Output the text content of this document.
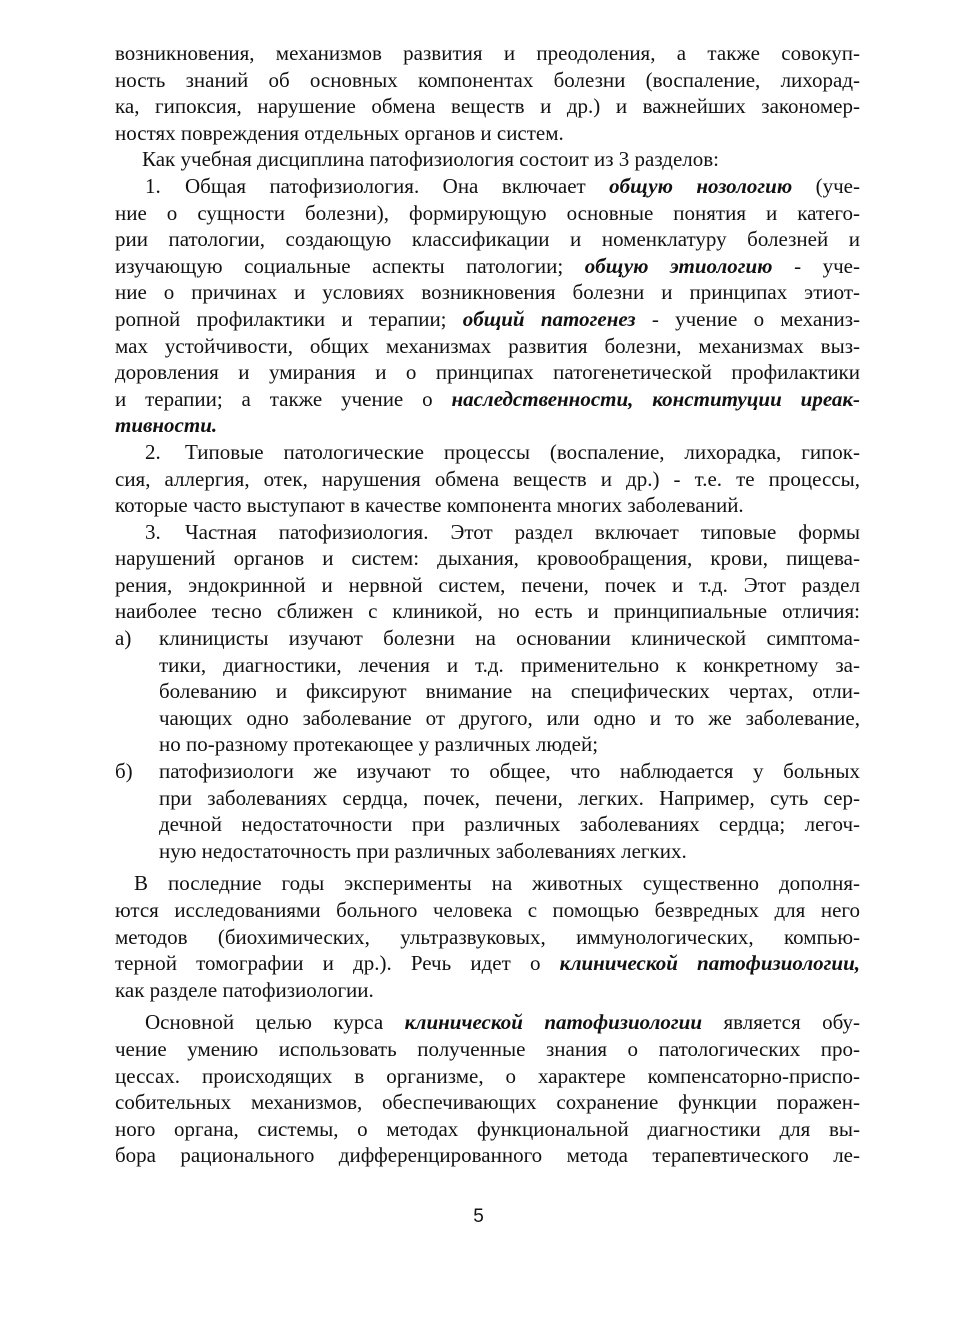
возникновения, механизмов развития и преодоления, а также совокуп-
ность знаний об основных компонентах болезни (воспаление, лихорад-
ка, гипоксия, нарушение обмена веществ и др.) и важнейших закономер-
ностях повреждения отдельных органов и систем.
Как учебная дисциплина патофизиология состоит из 3 разделов:
1. Общая патофизиология. Она включает общую нозологию (уче-
ние о сущности болезни), формирующую основные понятия и катего-
рии патологии, создающую классификации и номенклатуру болезней и
изучающую социальные аспекты патологии; общую этиологию - уче-
ние о причинах и условиях возникновения болезни и принципах этиот-
ропной профилактики и терапии; общий патогенез - учение о механиз-
мах устойчивости, общих механизмах развития болезни, механизмах выз-
доровления и умирания и о принципах патогенетической профилактики
и терапии; а также учение о наследственности, конституции иреак-
тивности.
2. Типовые патологические процессы (воспаление, лихорадка, гипок-
сия, аллергия, отек, нарушения обмена веществ и др.) - т.е. те процессы,
которые часто выступают в качестве компонента многих заболеваний.
3. Частная патофизиология. Этот раздел включает типовые формы
нарушений органов и систем: дыхания, кровообращения, крови, пищева-
рения, эндокринной и нервной систем, печени, почек и т.д. Этот раздел
наиболее тесно сближен с клиникой, но есть и принципиальные отличия:
а)	клиницисты изучают болезни на основании клинической симптома-
тики, диагностики, лечения и т.д. применительно к конкретному за-
болеванию и фиксируют внимание на специфических чертах, отли-
чающих одно заболевание от другого, или одно и то же заболевание,
но по-разному протекающее у различных людей;
б)	патофизиологи же изучают то общее, что наблюдается у больных
при заболеваниях сердца, почек, печени, легких. Например, суть сер-
дечной недостаточности при различных заболеваниях сердца; легоч-
ную недостаточность при различных заболеваниях легких.
В последние годы эксперименты на животных существенно дополня-
ются исследованиями больного человека с помощью безвредных для него
методов (биохимических, ультразвуковых, иммунологических, компью-
терной томографии и др.). Речь идет о клинической патофизиологии,
как разделе патофизиологии.
Основной целью курса клинической патофизиологии является обу-
чение умению использовать полученные знания о патологических про-
цессах. происходящих в организме, о характере компенсаторно-приспо-
собительных механизмов, обеспечивающих сохранение функции поражен-
ного органа, системы, о методах функциональной диагностики для вы-
бора рационального дифференцированного метода терапевтического ле-
5
